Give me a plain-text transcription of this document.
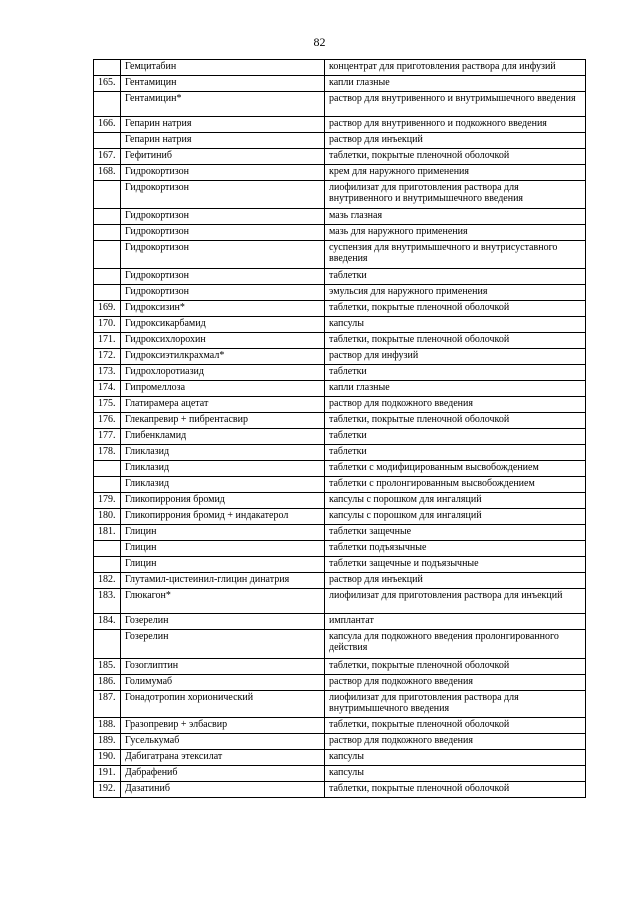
82
	Гемцитабин	концентрат для приготовления раствора для инфузий
165.	Гентамицин	капли глазные
	Гентамицин*	раствор для внутривенного и внутримышечного введения
166.	Гепарин натрия	раствор для внутривенного и подкожного введения
	Гепарин натрия	раствор для инъекций
167.	Гефитиниб	таблетки, покрытые пленочной оболочкой
168.	Гидрокортизон	крем для наружного применения
	Гидрокортизон	лиофилизат для приготовления раствора для внутривенного и внутримышечного введения
	Гидрокортизон	мазь глазная
	Гидрокортизон	мазь для наружного применения
	Гидрокортизон	суспензия для внутримышечного и внутрисуставного введения
	Гидрокортизон	таблетки
	Гидрокортизон	эмульсия для наружного применения
169.	Гидроксизин*	таблетки, покрытые пленочной оболочкой
170.	Гидроксикарбамид	капсулы
171.	Гидроксихлорохин	таблетки, покрытые пленочной оболочкой
172.	Гидроксиэтилкрахмал*	раствор для инфузий
173.	Гидрохлоротиазид	таблетки
174.	Гипромеллоза	капли глазные
175.	Глатирамера ацетат	раствор для подкожного введения
176.	Глекапревир + пибрентасвир	таблетки, покрытые пленочной оболочкой
177.	Глибенкламид	таблетки
178.	Гликлазид	таблетки
	Гликлазид	таблетки с модифицированным высвобождением
	Гликлазид	таблетки с пролонгированным высвобождением
179.	Гликопиррония бромид	капсулы с порошком для ингаляций
180.	Гликопиррония бромид + индакатерол	капсулы с порошком для ингаляций
181.	Глицин	таблетки защечные
	Глицин	таблетки подъязычные
	Глицин	таблетки защечные и подъязычные
182.	Глутамил-цистеинил-глицин динатрия	раствор для инъекций
183.	Глюкагон*	лиофилизат для приготовления раствора для инъекций
184.	Гозерелин	имплантат
	Гозерелин	капсула для подкожного введения пролонгированного действия
185.	Гозоглиптин	таблетки, покрытые пленочной оболочкой
186.	Голимумаб	раствор для подкожного введения
187.	Гонадотропин хорионический	лиофилизат для приготовления раствора для внутримышечного введения
188.	Гразопревир + элбасвир	таблетки, покрытые пленочной оболочкой
189.	Гуселькумаб	раствор для подкожного введения
190.	Дабигатрана этексилат	капсулы
191.	Дабрафениб	капсулы
192.	Дазатиниб	таблетки, покрытые пленочной оболочкой
